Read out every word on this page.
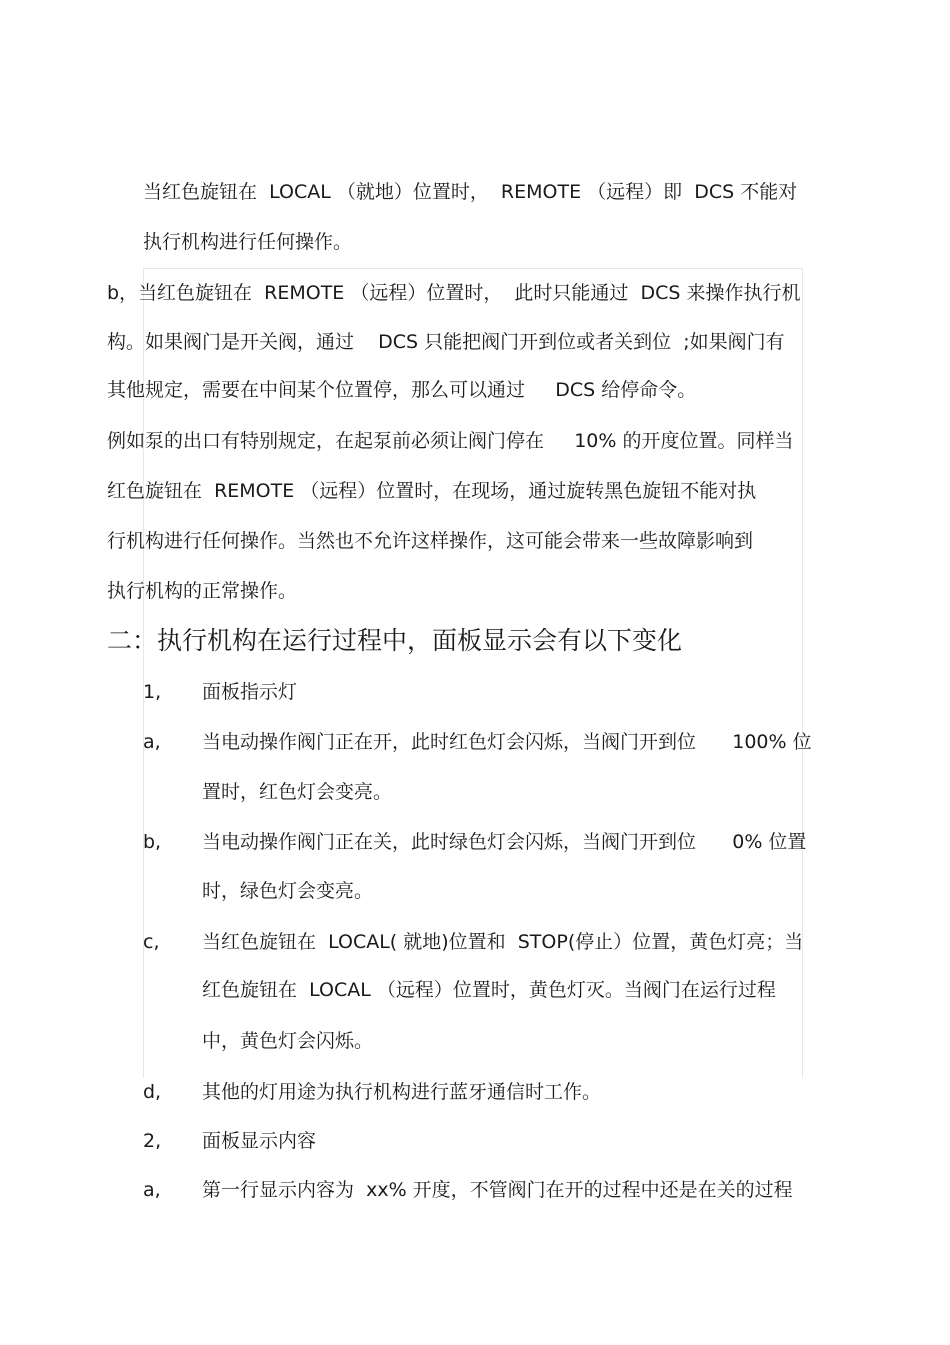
当红色旋钮在  LOCAL （就地）位置时，  REMOTE （远程）即  DCS 不能对
执行机构进行任何操作。
b，当红色旋钮在  REMOTE （远程）位置时，  此时只能通过  DCS 来操作执行机
构。如果阀门是开关阀，通过    DCS 只能把阀门开到位或者关到位  ;如果阀门有
其他规定，需要在中间某个位置停，那么可以通过     DCS 给停命令。
例如泵的出口有特别规定，在起泵前必须让阀门停在     10% 的开度位置。同样当
红色旋钮在  REMOTE （远程）位置时，在现场，通过旋转黑色旋钮不能对执
行机构进行任何操作。当然也不允许这样操作，这可能会带来一些故障影响到
执行机构的正常操作。
二：执行机构在运行过程中，面板显示会有以下变化
1, 面板指示灯
a, 当电动操作阀门正在开，此时红色灯会闪烁，当阀门开到位      100% 位
置时，红色灯会变亮。
b, 当电动操作阀门正在关，此时绿色灯会闪烁，当阀门开到位      0% 位置
时，绿色灯会变亮。
c, 当红色旋钮在  LOCAL( 就地)位置和  STOP(停止）位置，黄色灯亮；当
红色旋钮在  LOCAL （远程）位置时，黄色灯灭。当阀门在运行过程
中，黄色灯会闪烁。
d, 其他的灯用途为执行机构进行蓝牙通信时工作。
2, 面板显示内容
a, 第一行显示内容为  xx% 开度，不管阀门在开的过程中还是在关的过程
